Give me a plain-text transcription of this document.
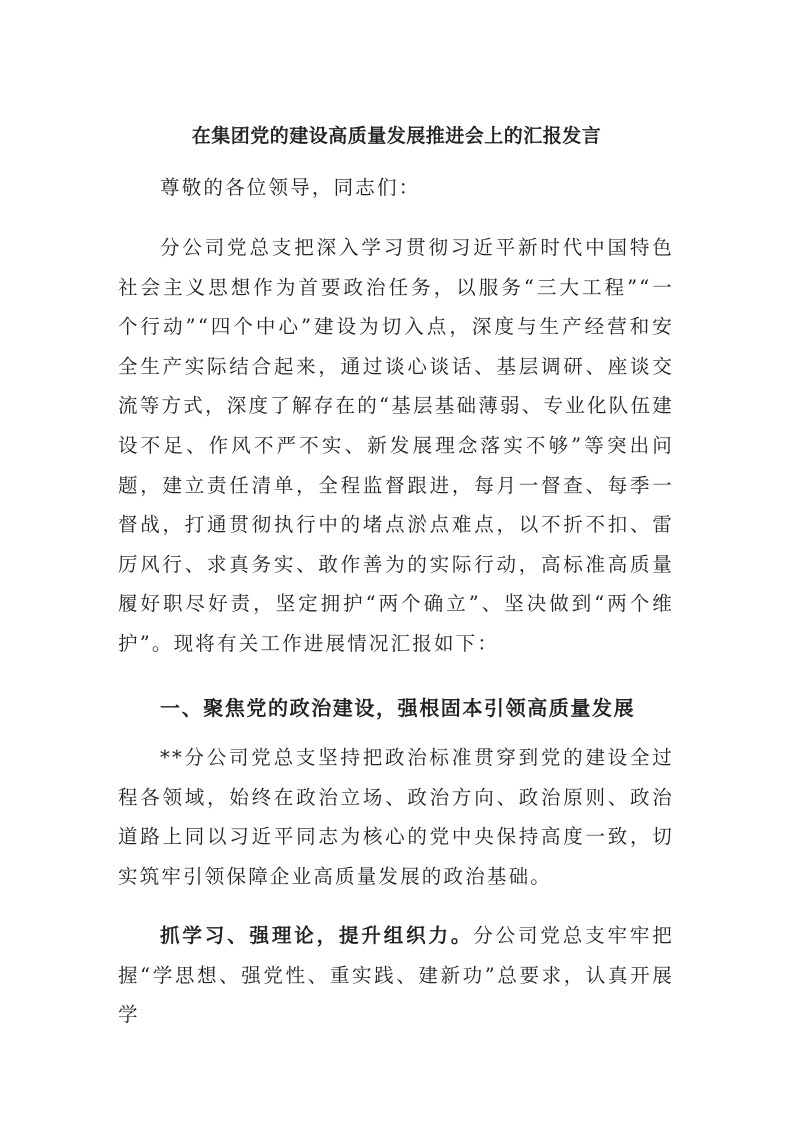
在集团党的建设高质量发展推进会上的汇报发言

尊敬的各位领导，同志们：

分公司党总支把深入学习贯彻习近平新时代中国特色社会主义思想作为首要政治任务，以服务“三大工程”“一个行动”“四个中心”建设为切入点，深度与生产经营和安全生产实际结合起来，通过谈心谈话、基层调研、座谈交流等方式，深度了解存在的“基层基础薄弱、专业化队伍建设不足、作风不严不实、新发展理念落实不够”等突出问题，建立责任清单，全程监督跟进，每月一督查、每季一督战，打通贯彻执行中的堵点淤点难点，以不折不扣、雷厉风行、求真务实、敢作善为的实际行动，高标准高质量履好职尽好责，坚定拥护“两个确立”、坚决做到“两个维护”。现将有关工作进展情况汇报如下：

一、聚焦党的政治建设，强根固本引领高质量发展

**分公司党总支坚持把政治标准贯穿到党的建设全过程各领域，始终在政治立场、政治方向、政治原则、政治道路上同以习近平同志为核心的党中央保持高度一致，切实筑牢引领保障企业高质量发展的政治基础。

抓学习、强理论，提升组织力。分公司党总支牢牢把握“学思想、强党性、重实践、建新功”总要求，认真开展学
